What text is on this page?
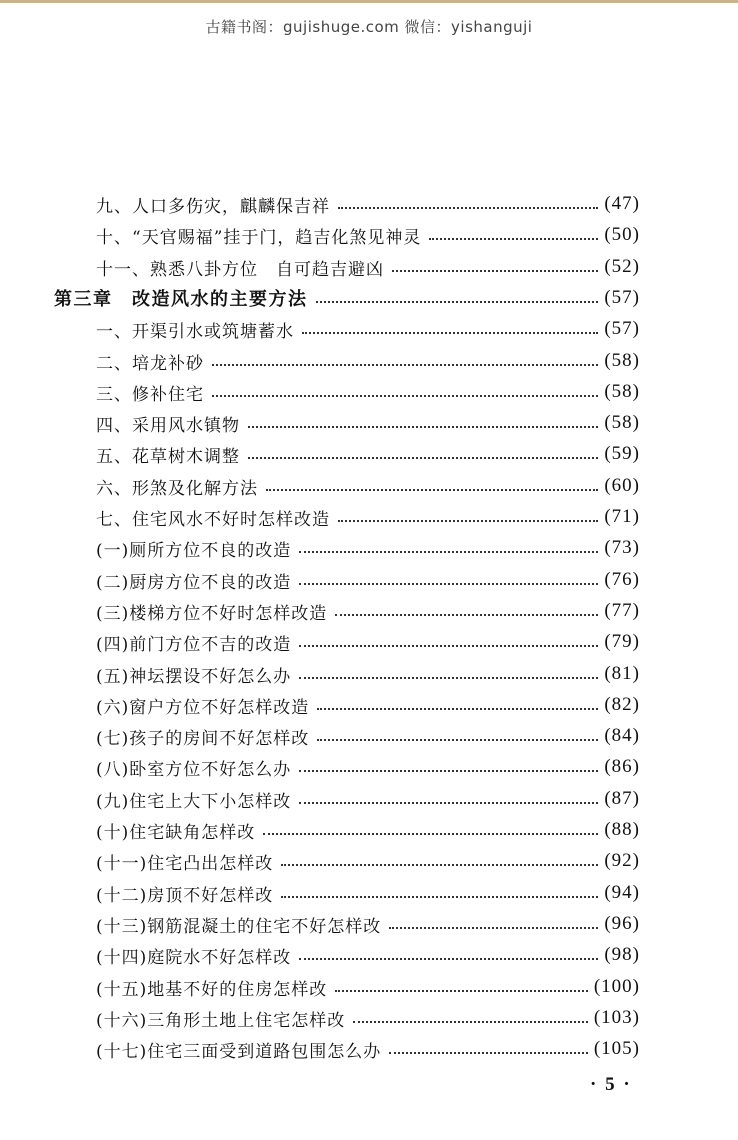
古籍书阁：gujishuge.com 微信：yishanguji
九、人口多伤灾，麒麟保吉祥	(47)
十、“天官赐福”挂于门，趋吉化煞见神灵	(50)
十一、熟悉八卦方位　自可趋吉避凶	(52)
第三章　改造风水的主要方法	(57)
一、开渠引水或筑塘蓄水	(57)
二、培龙补砂	(58)
三、修补住宅	(58)
四、采用风水镇物	(58)
五、花草树木调整	(59)
六、形煞及化解方法	(60)
七、住宅风水不好时怎样改造	(71)
(一)厕所方位不良的改造	(73)
(二)厨房方位不良的改造	(76)
(三)楼梯方位不好时怎样改造	(77)
(四)前门方位不吉的改造	(79)
(五)神坛摆设不好怎么办	(81)
(六)窗户方位不好怎样改造	(82)
(七)孩子的房间不好怎样改	(84)
(八)卧室方位不好怎么办	(86)
(九)住宅上大下小怎样改	(87)
(十)住宅缺角怎样改	(88)
(十一)住宅凸出怎样改	(92)
(十二)房顶不好怎样改	(94)
(十三)钢筋混凝土的住宅不好怎样改	(96)
(十四)庭院水不好怎样改	(98)
(十五)地基不好的住房怎样改	(100)
(十六)三角形土地上住宅怎样改	(103)
(十七)住宅三面受到道路包围怎么办	(105)
· 5 ·
